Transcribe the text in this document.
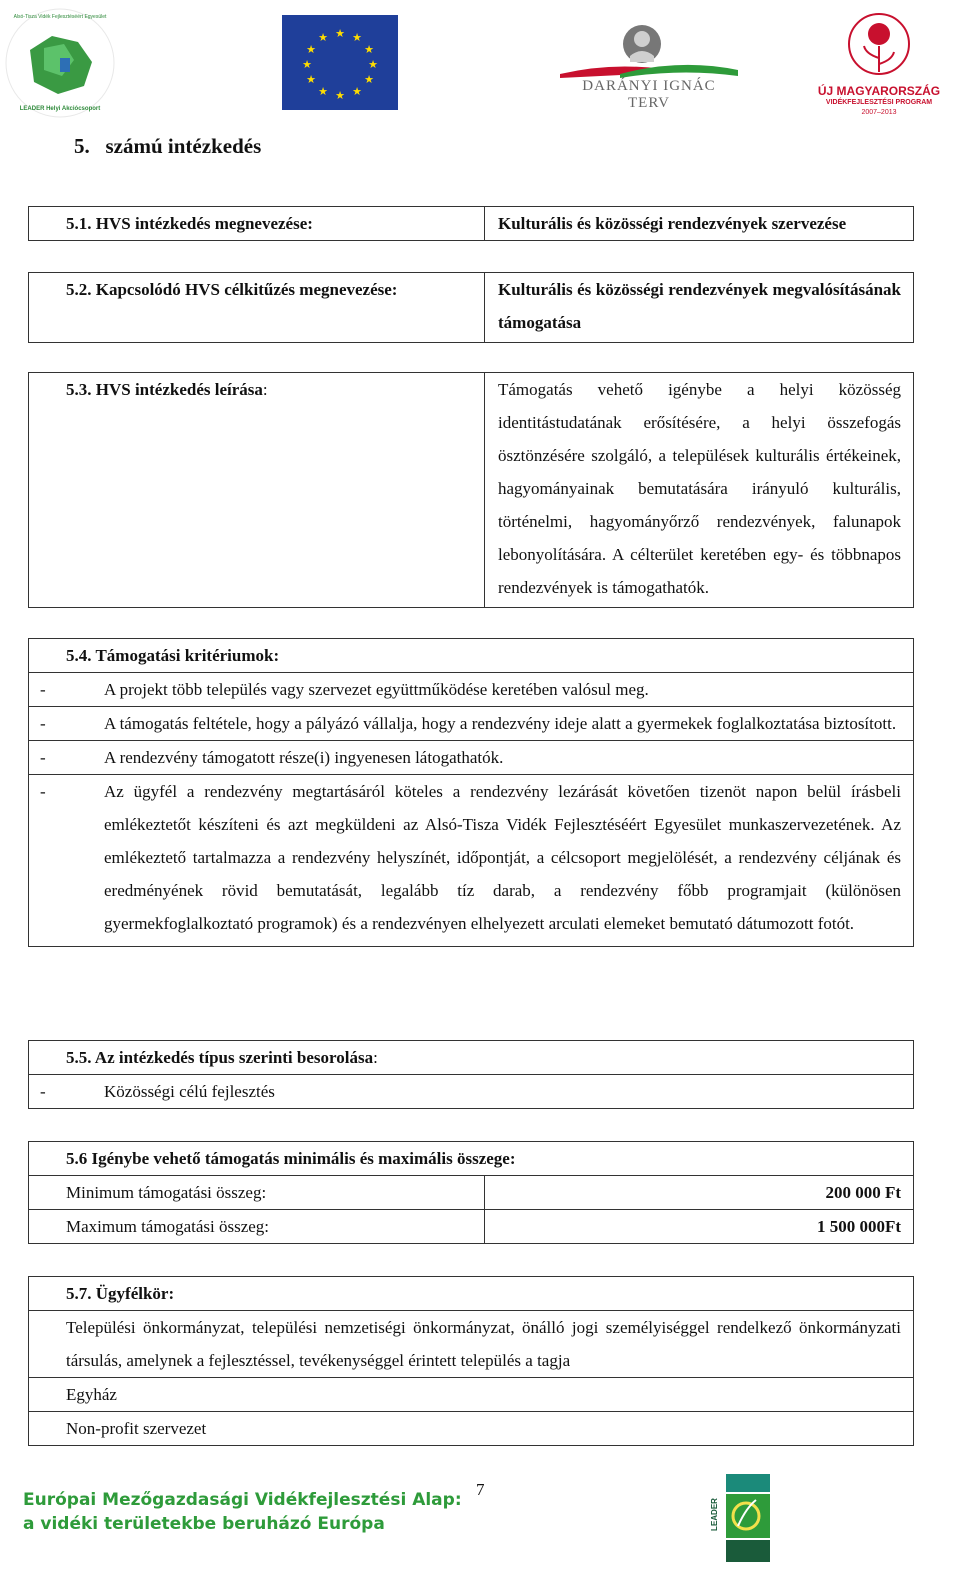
Alsó-Tisza Vidék Fejlesztéséért Egyesület
LEADER Helyi Akciócsoport
★ ★
★
★
★
★
★
★
★
★
★
★
DARÁNYI IGNÁC TERV
ÚJ MAGYARORSZÁG
VIDÉKFEJLESZTÉSI PROGRAM
2007–2013
5.   számú intézkedés
5.1. HVS intézkedés megnevezése:	Kulturális és közösségi rendezvények szervezése
5.2. Kapcsolódó HVS célkitűzés megnevezése:	Kulturális és közösségi rendezvények megvalósításának támogatása
5.3. HVS intézkedés leírása:	Támogatás vehető igénybe a helyi közösség identitástudatának erősítésére, a helyi összefogás ösztönzésére szolgáló, a települések kulturális értékeinek, hagyományainak bemutatására irányuló kulturális, történelmi, hagyományőrző rendezvények, falunapok lebonyolítására. A célterület keretében egy- és többnapos rendezvények is támogathatók.
5.4. Támogatási kritériumok:

-	A projekt több település vagy szervezet együttműködése keretében valósul meg.

-	A támogatás feltétele, hogy a pályázó vállalja, hogy a rendezvény ideje alatt a gyermekek foglalkoztatása biztosított.

-	A rendezvény támogatott része(i) ingyenesen látogathatók.

-	Az ügyfél a rendezvény megtartásáról köteles a rendezvény lezárását követően tizenöt napon belül írásbeli emlékeztetőt készíteni és azt megküldeni az Alsó-Tisza Vidék Fejlesztéséért Egyesület munkaszervezetének. Az emlékeztető tartalmazza a rendezvény helyszínét, időpontját, a célcsoport megjelölését, a rendezvény céljának és eredményének rövid bemutatását, legalább tíz darab, a rendezvény főbb programjait (különösen gyermekfoglalkoztató programok) és a rendezvényen elhelyezett arculati elemeket bemutató dátumozott fotót.
5.5. Az intézkedés típus szerinti besorolása:

-	Közösségi célú fejlesztés
5.6 Igénybe vehető támogatás minimális és maximális összege:	
Minimum támogatási összeg:	200 000 Ft
Maximum támogatási összeg:	1 500 000Ft
5.7. Ügyfélkör:
Települési önkormányzat, települési nemzetiségi önkormányzat, önálló jogi személyiséggel rendelkező önkormányzati társulás, amelynek a fejlesztéssel, tevékenységgel érintett település a tagja
Egyház
Non-profit szervezet
Európai Mezőgazdasági Vidékfejlesztési Alap:
a vidéki területekbe beruházó Európa
7
LEADER
